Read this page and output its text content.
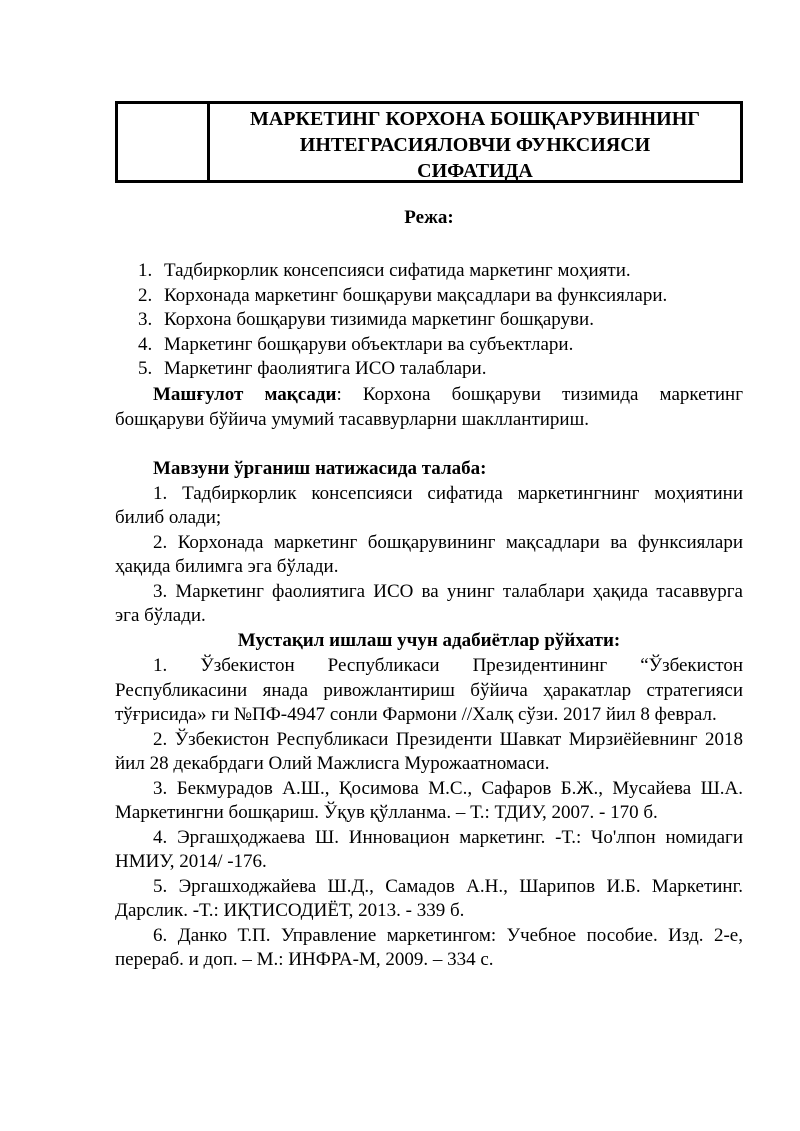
МАРКЕТИНГ КОРХОНА БОШҚАРУВИННИНГ
ИНТЕГРАСИЯЛОВЧИ ФУНКСИЯСИ
СИФАТИДА
Режа:
1. Тадбиркорлик консепсияси сифатида маркетинг моҳияти.
2. Корхонада маркетинг бошқаруви мақсадлари ва функсиялари.
3. Корхона бошқаруви тизимида маркетинг бошқаруви.
4. Маркетинг бошқаруви объектлари ва субъектлари.
5. Маркетинг фаолиятига ИСО талаблари.

Машғулот мақсади: Корхона бошқаруви тизимида маркетинг бошқаруви бўйича умумий тасаввурларни шакллантириш.

Мавзуни ўрганиш натижасида талаба:

1. Тадбиркорлик консепсияси сифатида маркетингнинг моҳиятини билиб олади;

2. Корхонада маркетинг бошқарувининг мақсадлари ва функсиялари ҳақида билимга эга бўлади.

3. Маркетинг фаолиятига ИСО ва унинг талаблари ҳақида тасаввурга эга бўлади.

Мустақил ишлаш учун адабиётлар рўйхати:

1. Ўзбекистон Республикаси Президентининг “Ўзбекистон Республикасини янада ривожлантириш бўйича ҳаракатлар стратегияси тўғрисида» ги №ПФ-4947 сонли Фармони //Халқ сўзи. 2017 йил 8 феврал.

2. Ўзбекистон Республикаси Президенти Шавкат Мирзиёйевнинг 2018 йил 28 декабрдаги Олий Мажлисга Мурожаатномаси.

3. Бекмурадов А.Ш., Қосимова М.С., Сафаров Б.Ж., Мусайева Ш.А. Маркетингни бошқариш. Ўқув қўлланма. – Т.: ТДИУ, 2007. - 170 б.

4. Эргашҳоджаева Ш. Инновацион маркетинг. -Т.: Чо'лпон номидаги НМИУ, 2014/ -176.

5. Эргашходжайева Ш.Д., Самадов А.Н., Шарипов И.Б. Маркетинг. Дарслик. -Т.: ИҚТИСОДИЁТ, 2013. - 339 б.

6. Данко Т.П. Управление маркетингом: Учебное пособие. Изд. 2-е, перераб. и доп. – М.: ИНФРА-М, 2009. – 334 с.
